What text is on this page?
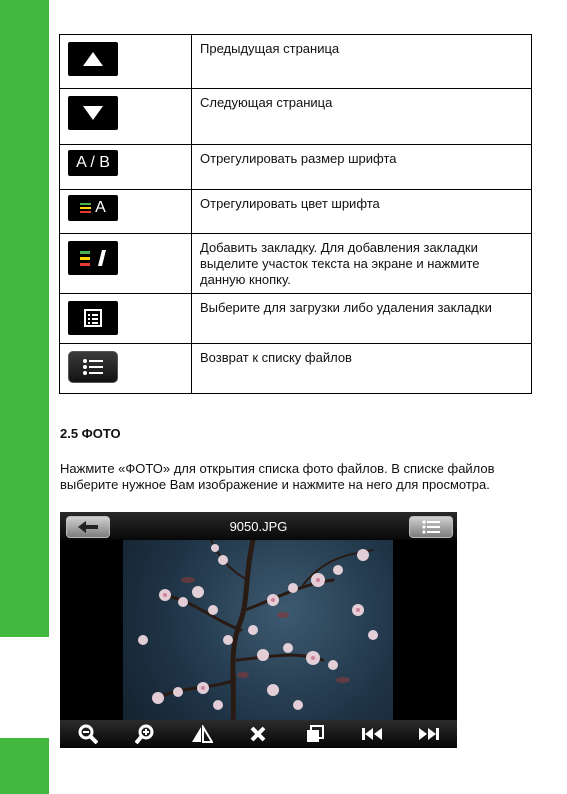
	Предыдущая страница

	Следующая страница

A / B	Отрегулировать размер шрифта

A	Отрегулировать цвет шрифта

	Добавить закладку. Для добавления закладки выделите участок текста на экране и нажмите данную кнопку.

	Выберите для загрузки либо удаления закладки

	Возврат к списку файлов
2.5 ФОТО

Нажмите «ФОТО» для открытия списка фото файлов. В списке файлов выберите нужное Вам изображение и нажмите на него для просмотра.

9050.JPG
